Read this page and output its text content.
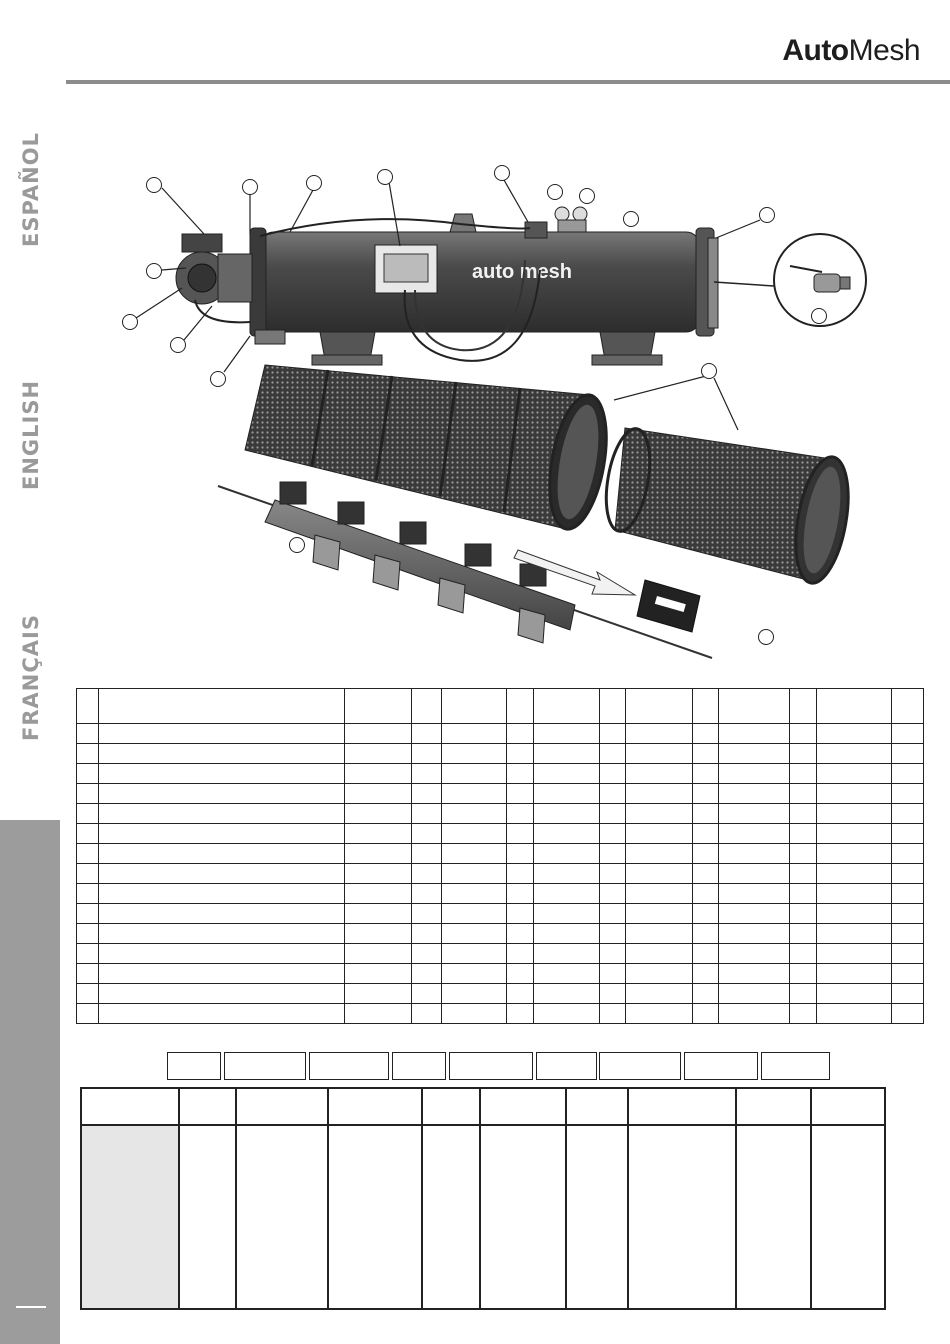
AutoMesh
ESPAÑOL
ENGLISH
FRANÇAIS
auto mesh
